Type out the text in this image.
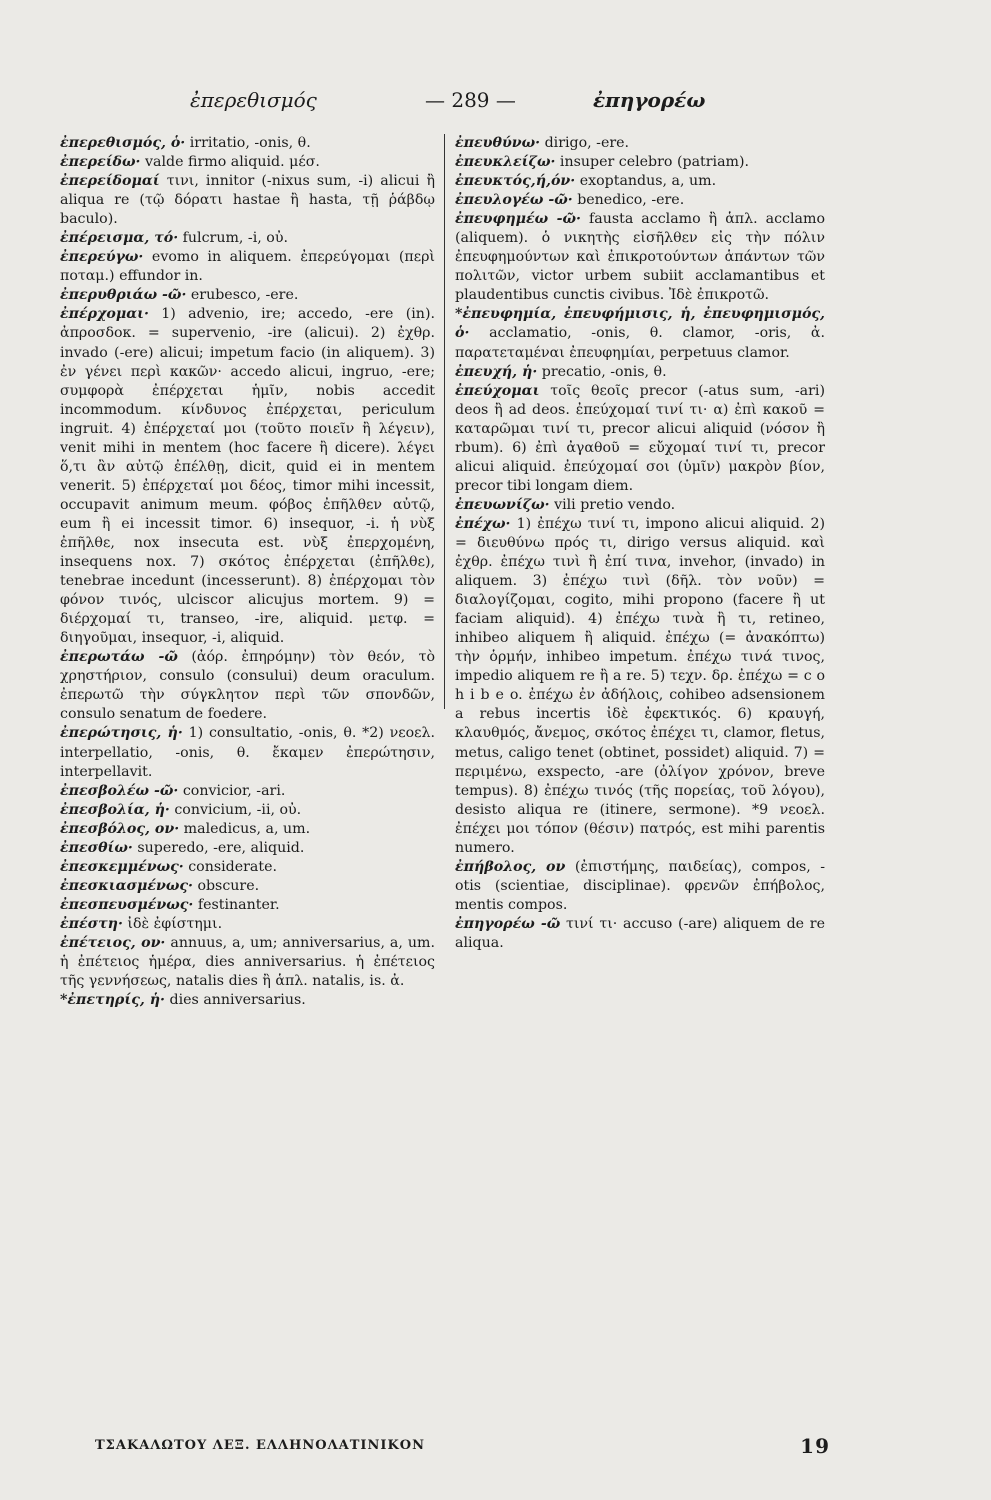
ἐπερεθισμός	— 289 —	ἐπηγορέω

ἐπερεθισμός, ὁ· irritatio, -onis, θ.

ἐπερείδω· valde firmo aliquid. μέσ.

ἐπερείδομαί τινι, innitor (-nixus sum, -i) alicui ἢ aliqua re (τῷ δόρατι hastae ἢ hasta, τῇ ῥάβδῳ baculo).

ἐπέρεισμα, τό· fulcrum, -i, οὐ.

ἐπερεύγω· evomo in aliquem. ἐπερεύγομαι (περὶ ποταμ.) effundor in.

ἐπερυθριάω -ῶ· erubesco, -ere.

ἐπέρχομαι· 1) advenio, ire; accedo, -ere (in). ἀπροσδοκ. = supervenio, -ire (alicui). 2) ἐχθρ. invado (-ere) alicui; impetum facio (in aliquem). 3) ἐν γένει περὶ κακῶν· accedo alicui, ingruo, -ere; συμφορὰ ἐπέρχεται ἡμῖν, nobis accedit incommodum. κίνδυνος ἐπέρχεται, periculum ingruit. 4) ἐπέρχεταί μοι (τοῦτο ποιεῖν ἢ λέγειν), venit mihi in mentem (hoc facere ἢ dicere). λέγει ὅ,τι ἂν αὐτῷ ἐπέλθῃ, dicit, quid ei in mentem venerit. 5) ἐπέρχεταί μοι δέος, timor mihi incessit, occupavit animum meum. φόβος ἐπῆλθεν αὐτῷ, eum ἢ ei incessit timor. 6) insequor, -i. ἡ νὺξ ἐπῆλθε, nox insecuta est. νὺξ ἐπερχομένη, insequens nox. 7) σκότος ἐπέρχεται (ἐπῆλθε), tenebrae incedunt (incesserunt). 8) ἐπέρχομαι τὸν φόνον τινός, ulciscor alicujus mortem. 9) = διέρχομαί τι, transeo, -ire, aliquid. μετφ. = διηγοῦμαι, insequor, -i, aliquid.

ἐπερωτάω -ῶ (ἀόρ. ἐπηρόμην) τὸν θεόν, τὸ χρηστήριον, consulo (consului) deum oraculum. ἐπερωτῶ τὴν σύγκλητον περὶ τῶν σπονδῶν, consulo senatum de foedere.

ἐπερώτησις, ἡ· 1) consultatio, -onis, θ. *2) νεοελ. interpellatio, -onis, θ. ἔκαμεν ἐπερώτησιν, interpellavit.

ἐπεσβολέω -ῶ· convicior, -ari.

ἐπεσβολία, ἡ· convicium, -ii, οὐ.

ἐπεσβόλος, ον· maledicus, a, um.

ἐπεσθίω· superedo, -ere, aliquid.

ἐπεσκεμμένως· considerate.

ἐπεσκιασμένως· obscure.

ἐπεσπευσμένως· festinanter.

ἐπέστη· ἰδὲ ἐφίστημι.

ἐπέτειος, ον· annuus, a, um; anniversarius, a, um. ἡ ἐπέτειος ἡμέρα, dies anniversarius. ἡ ἐπέτειος τῆς γεννήσεως, natalis dies ἢ ἁπλ. natalis, is. ἀ.

*ἐπετηρίς, ἡ· dies anniversarius.

ἐπευθύνω· dirigo, -ere.

ἐπευκλείζω· insuper celebro (patriam).

ἐπευκτός,ή,όν· exoptandus, a, um.

ἐπευλογέω -ῶ· benedico, -ere.

ἐπευφημέω -ῶ· fausta acclamo ἢ ἁπλ. acclamo (aliquem). ὁ νικητὴς εἰσῆλθεν εἰς τὴν πόλιν ἐπευφημούντων καὶ ἐπικροτούντων ἁπάντων τῶν πολιτῶν, victor urbem subiit acclamantibus et plaudentibus cunctis civibus. Ἰδὲ ἐπικροτῶ.

*ἐπευφημία, ἐπευφήμισις, ἡ, ἐπευφημισμός, ὁ· acclamatio, -onis, θ. clamor, -oris, ἀ. παρατεταμέναι ἐπευφημίαι, perpetuus clamor.

ἐπευχή, ἡ· precatio, -onis, θ.

ἐπεύχομαι τοῖς θεοῖς precor (-atus sum, -ari) deos ἢ ad deos. ἐπεύχομαί τινί τι· α) ἐπὶ κακοῦ = καταρῶμαι τινί τι, precor alicui aliquid (νόσον ἢ rbum). 6) ἐπὶ ἀγαθοῦ = εὔχομαί τινί τι, precor alicui aliquid. ἐπεύχομαί σοι (ὑμῖν) μακρὸν βίον, precor tibi longam diem.

ἐπευωνίζω· vili pretio vendo.

ἐπέχω· 1) ἐπέχω τινί τι, impono alicui aliquid. 2) = διευθύνω πρός τι, dirigo versus aliquid. καὶ ἐχθρ. ἐπέχω τινὶ ἢ ἐπί τινα, invehor, (invado) in aliquem. 3) ἐπέχω τινὶ (δῆλ. τὸν νοῦν) = διαλογίζομαι, cogito, mihi propono (facere ἢ ut faciam aliquid). 4) ἐπέχω τινὰ ἢ τι, retineo, inhibeo aliquem ἢ aliquid. ἐπέχω (= ἀνακόπτω) τὴν ὁρμήν, inhibeo impetum. ἐπέχω τινά τινος, impedio aliquem re ἢ a re. 5) τεχν. δρ. ἐπέχω = c o h i b e o. ἐπέχω ἐν ἀδήλοις, cohibeo adsensionem a rebus incertis ἰδὲ ἐφεκτικός. 6) κραυγή, κλαυθμός, ἄνεμος, σκότος ἐπέχει τι, clamor, fletus, metus, caligo tenet (obtinet, possidet) aliquid. 7) = περιμένω, exspecto, -are (ὀλίγον χρόνον, breve tempus). 8) ἐπέχω τινός (τῆς πορείας, τοῦ λόγου), desisto aliqua re (itinere, sermone). *9 νεοελ. ἐπέχει μοι τόπον (θέσιν) πατρός, est mihi parentis numero.

ἐπήβολος, ον (ἐπιστήμης, παιδείας), compos, -otis (scientiae, disciplinae). φρενῶν ἐπήβολος, mentis compos.

ἐπηγορέω -ῶ τινί τι· accuso (-are) aliquem de re aliqua.

ΤΣΑΚΑΛΩΤΟΥ ΛΕΞ. ΕΛΛΗΝΟΛΑΤΙΝΙΚΟΝ	19
